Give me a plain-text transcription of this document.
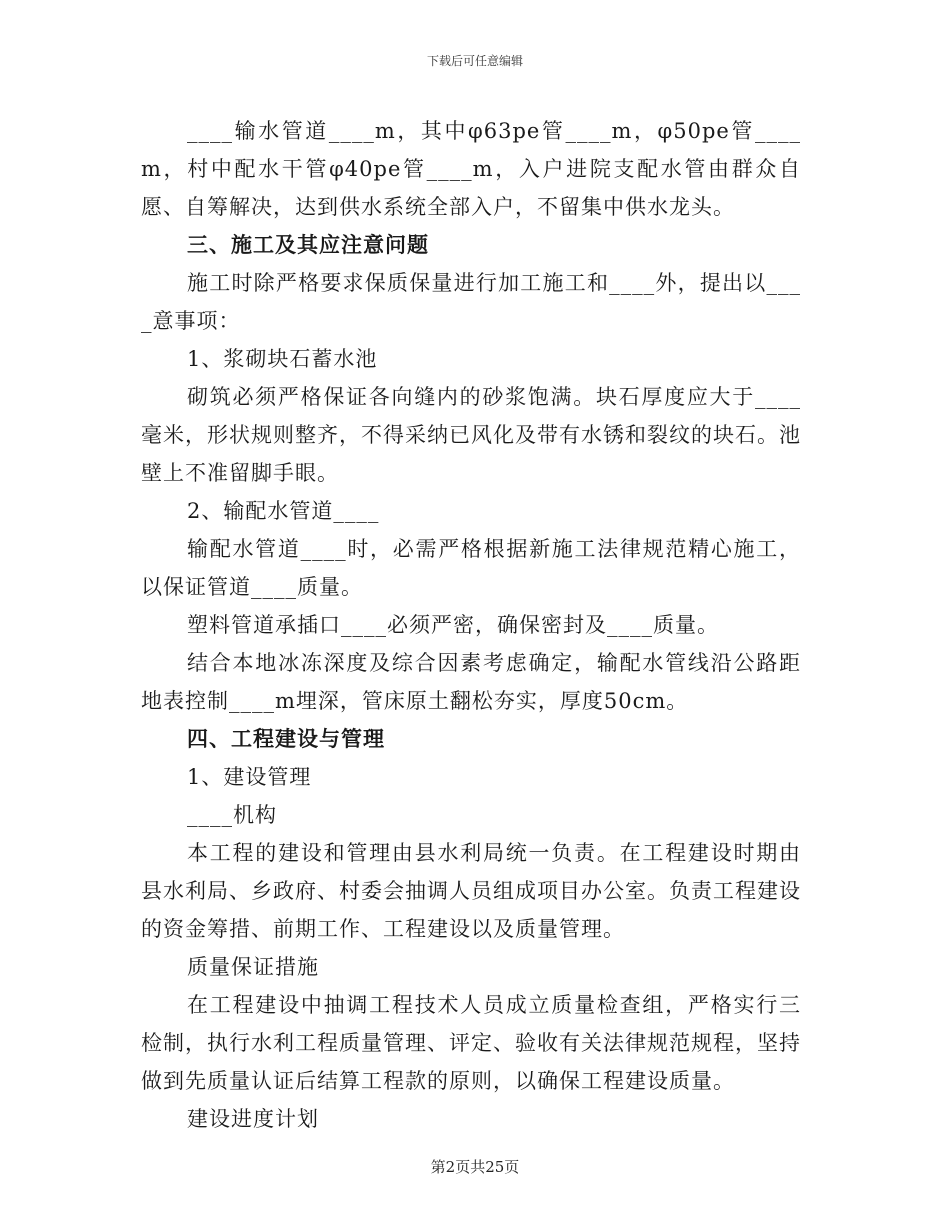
下载后可任意编辑

____输水管道____m，其中φ63pe管____m，φ50pe管____m，村中配水干管φ40pe管____m，入户进院支配水管由群众自愿、自筹解决，达到供水系统全部入户，不留集中供水龙头。

三、施工及其应注意问题

施工时除严格要求保质保量进行加工施工和____外，提出以____意事项：

1、浆砌块石蓄水池

砌筑必须严格保证各向缝内的砂浆饱满。块石厚度应大于____毫米，形状规则整齐，不得采纳已风化及带有水锈和裂纹的块石。池壁上不准留脚手眼。

2、输配水管道____

输配水管道____时，必需严格根据新施工法律规范精心施工，以保证管道____质量。

塑料管道承插口____必须严密，确保密封及____质量。

结合本地冰冻深度及综合因素考虑确定，输配水管线沿公路距地表控制____m埋深，管床原土翻松夯实，厚度50cm。

四、工程建设与管理

1、建设管理

____机构

本工程的建设和管理由县水利局统一负责。在工程建设时期由县水利局、乡政府、村委会抽调人员组成项目办公室。负责工程建设的资金筹措、前期工作、工程建设以及质量管理。

质量保证措施

在工程建设中抽调工程技术人员成立质量检查组，严格实行三检制，执行水利工程质量管理、评定、验收有关法律规范规程，坚持做到先质量认证后结算工程款的原则，以确保工程建设质量。

建设进度计划

第2页共25页
